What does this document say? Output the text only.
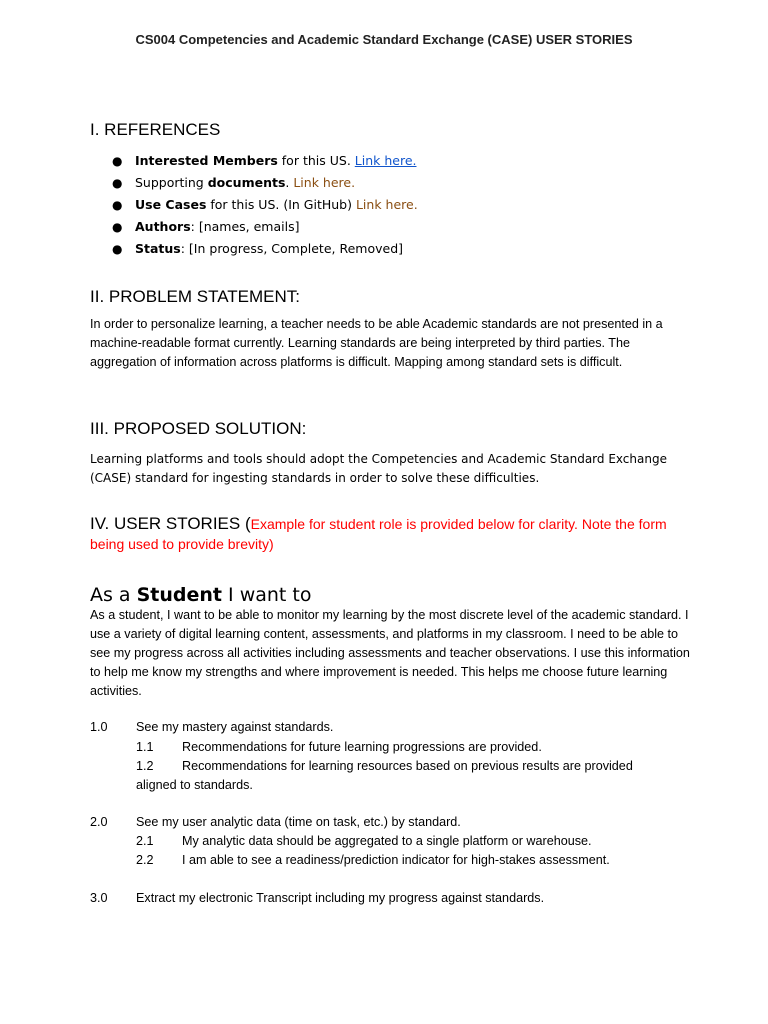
CS004 Competencies and Academic Standard Exchange (CASE) USER STORIES
I. REFERENCES
● Interested Members for this US. Link here.
● Supporting documents. Link here.
● Use Cases for this US. (In GitHub) Link here.
● Authors: [names, emails]
● Status: [In progress, Complete, Removed]
II. PROBLEM STATEMENT:
In order to personalize learning, a teacher needs to be able Academic standards are not presented in a machine-readable format currently. Learning standards are being interpreted by third parties. The aggregation of information across platforms is difficult. Mapping among standard sets is difficult.
III. PROPOSED SOLUTION:
Learning platforms and tools should adopt the Competencies and Academic Standard Exchange (CASE) standard for ingesting standards in order to solve these difficulties.
IV. USER STORIES (Example for student role is provided below for clarity. Note the form being used to provide brevity)
As a Student I want to
As a student, I want to be able to monitor my learning by the most discrete level of the academic standard. I use a variety of digital learning content, assessments, and platforms in my classroom. I need to be able to see my progress across all activities including assessments and teacher observations. I use this information to help me know my strengths and where improvement is needed. This helps me choose future learning activities.
1.0 See my mastery against standards.
1.1 Recommendations for future learning progressions are provided.
1.2 Recommendations for learning resources based on previous results are provided
aligned to standards.
2.0 See my user analytic data (time on task, etc.) by standard.
2.1 My analytic data should be aggregated to a single platform or warehouse.
2.2 I am able to see a readiness/prediction indicator for high-stakes assessment.
3.0 Extract my electronic Transcript including my progress against standards.
